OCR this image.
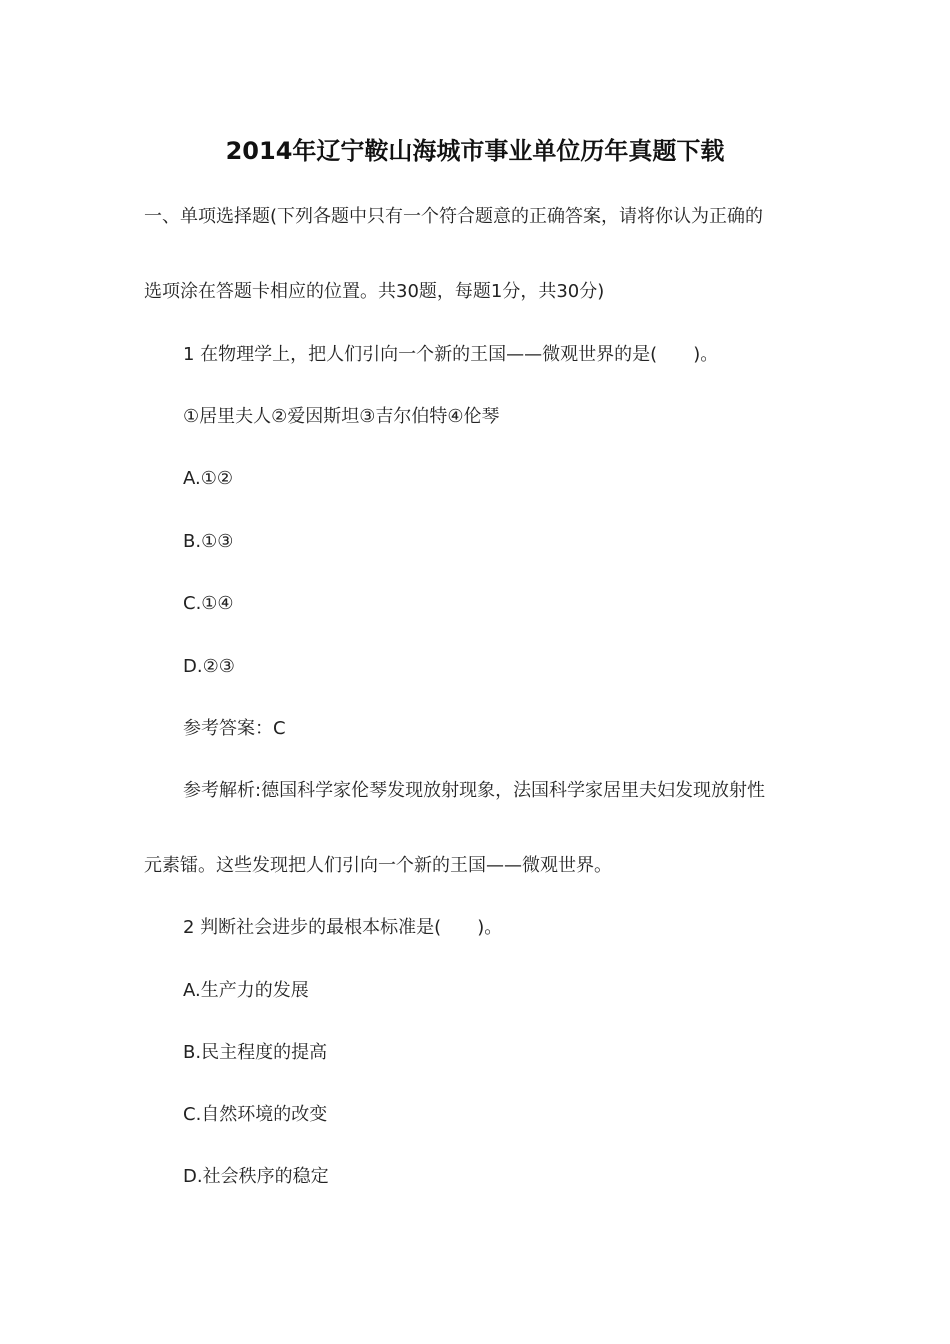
2014年辽宁鞍山海城市事业单位历年真题下载
一、单项选择题(下列各题中只有一个符合题意的正确答案，请将你认为正确的
选项涂在答题卡相应的位置。共30题，每题1分，共30分)
1 在物理学上，把人们引向一个新的王国——微观世界的是(　　)。
①居里夫人②爱因斯坦③吉尔伯特④伦琴
A.①②
B.①③
C.①④
D.②③
参考答案：C
参考解析:德国科学家伦琴发现放射现象，法国科学家居里夫妇发现放射性
元素镭。这些发现把人们引向一个新的王国——微观世界。
2 判断社会进步的最根本标准是(　　)。
A.生产力的发展
B.民主程度的提高
C.自然环境的改变
D.社会秩序的稳定
